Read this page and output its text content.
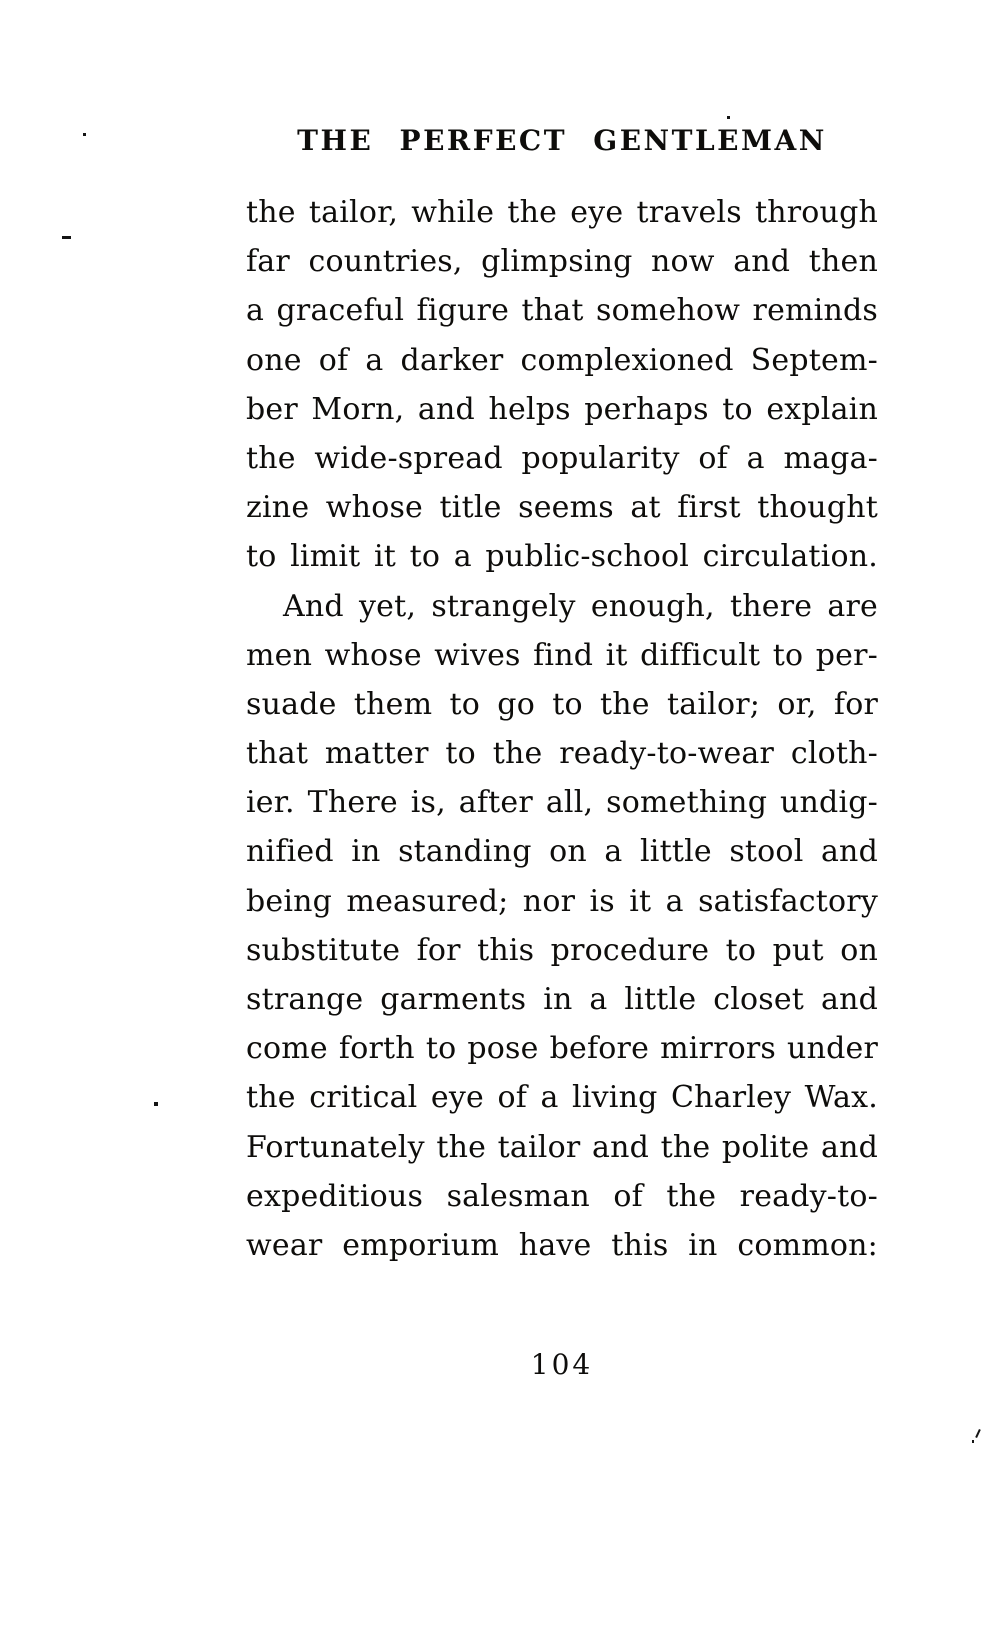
THE PERFECT GENTLEMAN
the tailor, while the eye travels through
far countries, glimpsing now and then
a graceful figure that somehow reminds
one of a darker complexioned Septem-
ber Morn, and helps perhaps to explain
the wide-spread popularity of a maga-
zine whose title seems at first thought
to limit it to a public-school circulation.
And yet, strangely enough, there are
men whose wives find it difficult to per-
suade them to go to the tailor; or, for
that matter to the ready-to-wear cloth-
ier. There is, after all, something undig-
nified in standing on a little stool and
being measured; nor is it a satisfactory
substitute for this procedure to put on
strange garments in a little closet and
come forth to pose before mirrors under
the critical eye of a living Charley Wax.
Fortunately the tailor and the polite and
expeditious salesman of the ready-to-
wear emporium have this in common:
104
